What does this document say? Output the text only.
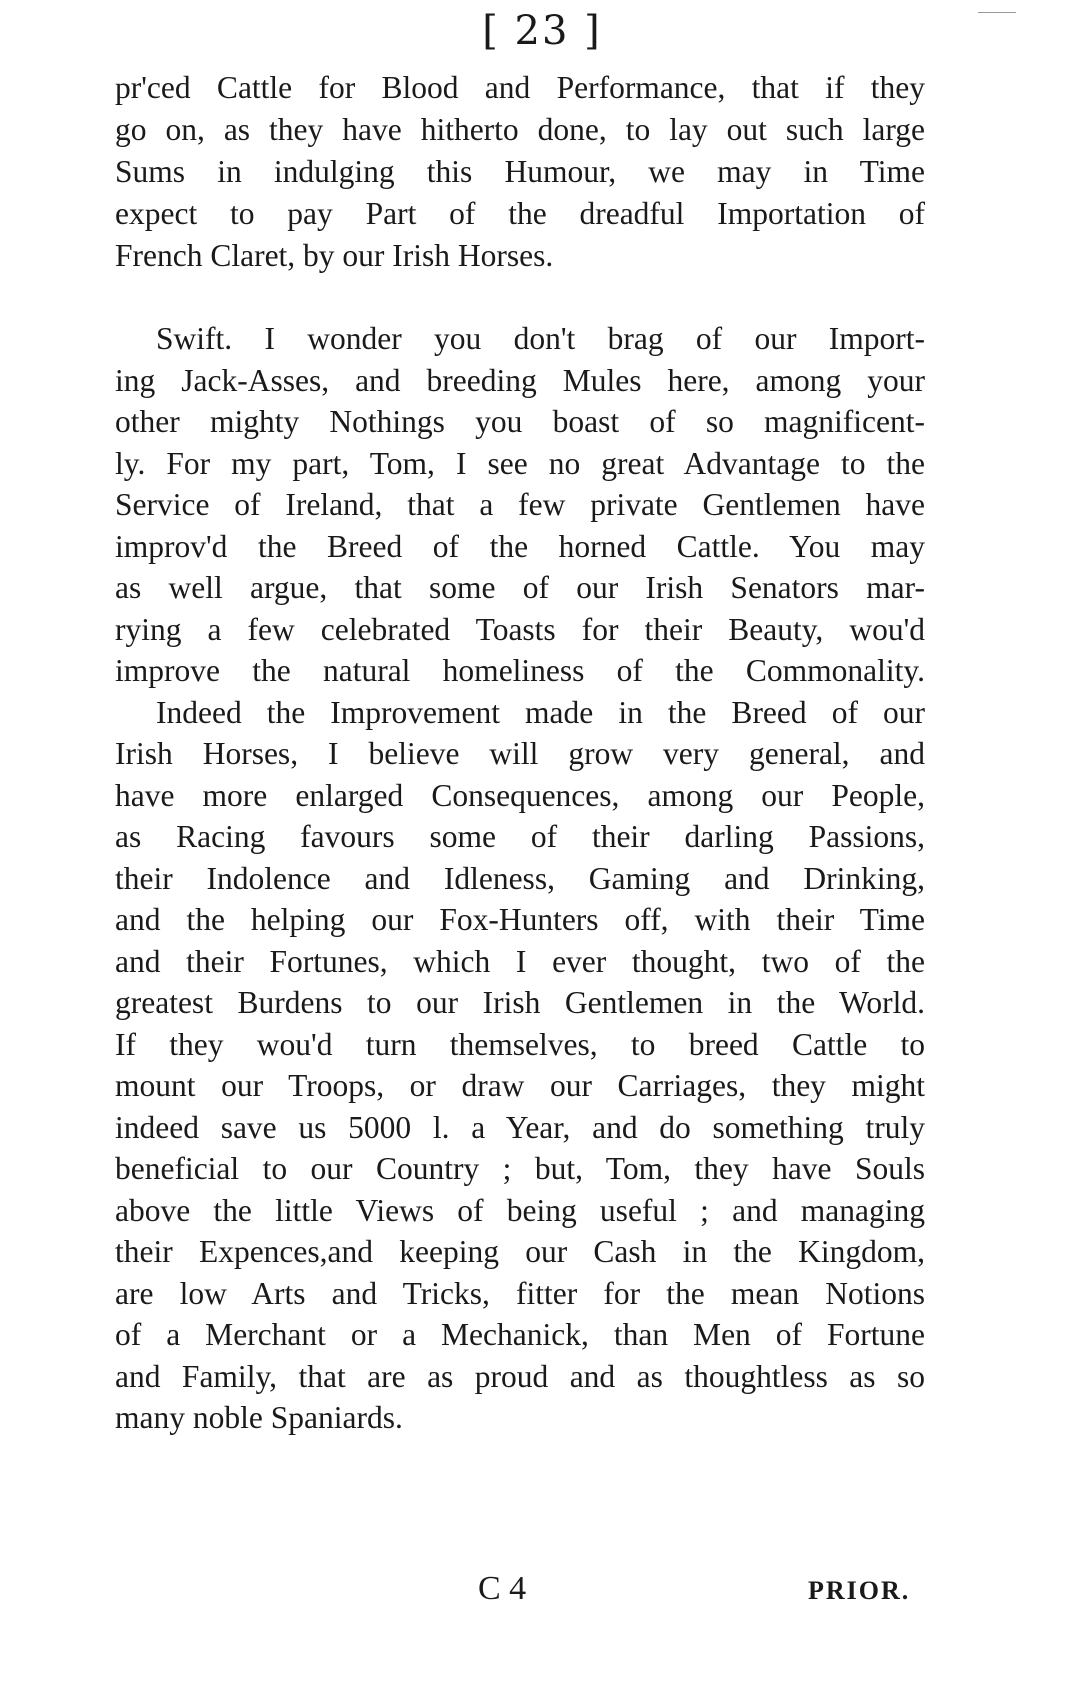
[ 23 ]
pr'ced Cattle for Blood and Performance, that if they
go on, as they have hitherto done, to lay out such large
Sums in indulging this Humour, we may in Time
expect to pay Part of the dreadful Importation of
French Claret, by our Irish Horses.
Swift. I wonder you don't brag of our Import-
ing Jack-Asses, and breeding Mules here, among your
other mighty Nothings you boast of so magnificent-
ly. For my part, Tom, I see no great Advantage to the
Service of Ireland, that a few private Gentlemen have
improv'd the Breed of the horned Cattle. You may
as well argue, that some of our Irish Senators mar-
rying a few celebrated Toasts for their Beauty, wou'd
improve the natural homeliness of the Commonality.
Indeed the Improvement made in the Breed of our
Irish Horses, I believe will grow very general, and
have more enlarged Consequences, among our People,
as Racing favours some of their darling Passions,
their Indolence and Idleness, Gaming and Drinking,
and the helping our Fox-Hunters off, with their Time
and their Fortunes, which I ever thought, two of the
greatest Burdens to our Irish Gentlemen in the World.
If they wou'd turn themselves, to breed Cattle to
mount our Troops, or draw our Carriages, they might
indeed save us 5000 l. a Year, and do something truly
beneficial to our Country ; but, Tom, they have Souls
above the little Views of being useful ; and managing
their Expences,and keeping our Cash in the Kingdom,
are low Arts and Tricks, fitter for the mean Notions
of a Merchant or a Mechanick, than Men of Fortune
and Family, that are as proud and as thoughtless as so
many noble Spaniards.
C 4	PRIOR.
